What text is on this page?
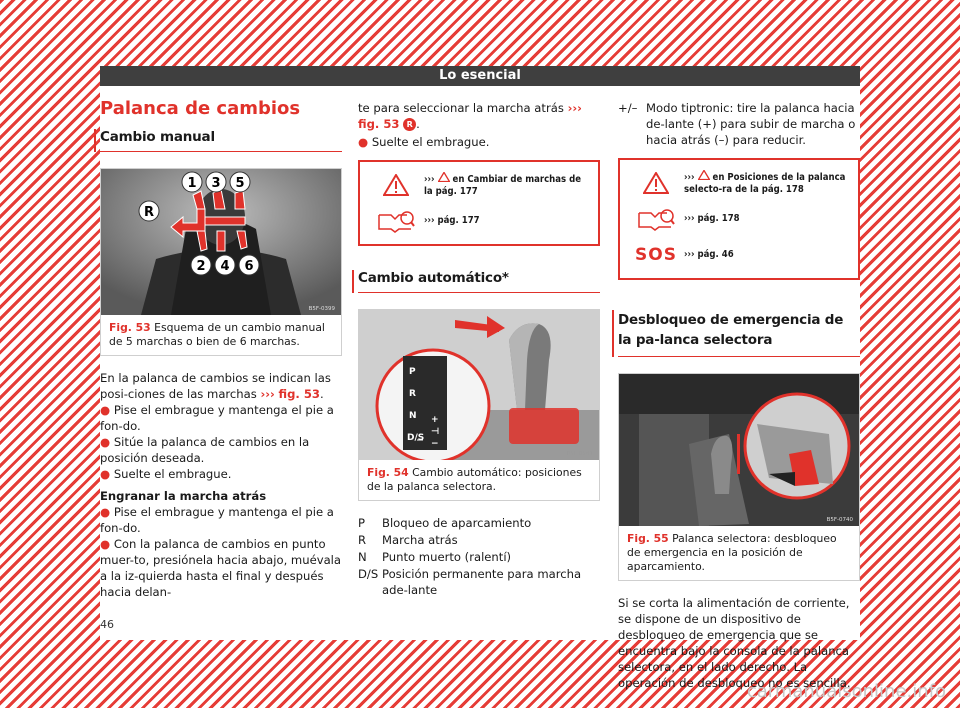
Lo esencial
Palanca de cambios
Cambio manual
1 3 5
R
2 4 6
B5F-0399
Fig. 53 Esquema de un cambio manual de 5 marchas o bien de 6 marchas.

En la palanca de cambios se indican las posi-ciones de las marchas ››› fig. 53.

● Pise el embrague y mantenga el pie a fon-do.

● Sitúe la palanca de cambios en la posición deseada.

● Suelte el embrague.

Engranar la marcha atrás

● Pise el embrague y mantenga el pie a fon-do.

● Con la palanca de cambios en punto muer-to, presiónela hacia abajo, muévala a la iz-quierda hasta el final y después hacia delan-

te para seleccionar la marcha atrás ››› fig. 53 R .

● Suelte el embrague.

››› en Cambiar de marchas de la pág. 177
››› pág. 177
Cambio automático*
P
R
N
D/S
+
⊣
−
B5F-0581
Fig. 54 Cambio automático: posiciones de la palanca selectora.
P	Bloqueo de aparcamiento
R	Marcha atrás
N	Punto muerto (ralentí)
D/S Posición permanente para marcha ade-lante
+/– Modo tiptronic: tire la palanca hacia de-lante (+) para subir de marcha o hacia atrás (–) para reducir.
››› en Posiciones de la palanca selecto-ra de la pág. 178
››› pág. 178
SOS ››› pág. 46
Desbloqueo de emergencia de la pa-lanca selectora
B5F-0740
Fig. 55 Palanca selectora: desbloqueo de emergencia en la posición de aparcamiento.

Si se corta la alimentación de corriente, se dispone de un dispositivo de desbloqueo de emergencia que se encuentra bajo la consola de la palanca selectora, en el lado derecho. La operación de desbloqueo no es sencilla.

46
carmanualsonline.info
